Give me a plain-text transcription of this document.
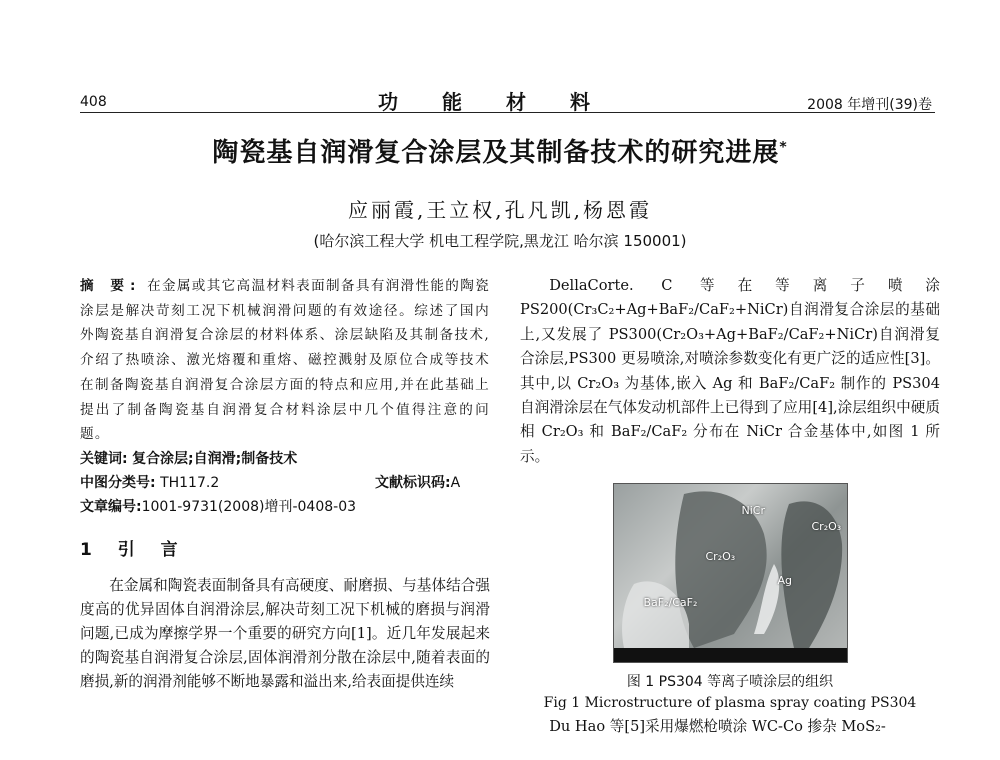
408	功能材料	2008 年增刊(39)卷
陶瓷基自润滑复合涂层及其制备技术的研究进展*
应丽霞,王立权,孔凡凯,杨恩霞
(哈尔滨工程大学 机电工程学院,黑龙江 哈尔滨 150001)

摘 要: 在金属或其它高温材料表面制备具有润滑性能的陶瓷涂层是解决苛刻工况下机械润滑问题的有效途径。综述了国内外陶瓷基自润滑复合涂层的材料体系、涂层缺陷及其制备技术,介绍了热喷涂、激光熔覆和重熔、磁控溅射及原位合成等技术在制备陶瓷基自润滑复合涂层方面的特点和应用,并在此基础上提出了制备陶瓷基自润滑复合材料涂层中几个值得注意的问题。

关键词: 复合涂层;自润滑;制备技术

中图分类号: TH117.2	文献标识码:A

文章编号:1001-9731(2008)增刊-0408-03

1 引 言

在金属和陶瓷表面制备具有高硬度、耐磨损、与基体结合强度高的优异固体自润滑涂层,解决苛刻工况下机械的磨损与润滑问题,已成为摩擦学界一个重要的研究方向[1]。近几年发展起来的陶瓷基自润滑复合涂层,固体润滑剂分散在涂层中,随着表面的磨损,新的润滑剂能够不断地暴露和溢出来,给表面提供连续

DellaCorte. C 等在等离子喷涂 PS200(Cr₃C₂+Ag+BaF₂/CaF₂+NiCr)自润滑复合涂层的基础上,又发展了 PS300(Cr₂O₃+Ag+BaF₂/CaF₂+NiCr)自润滑复合涂层,PS300 更易喷涂,对喷涂参数变化有更广泛的适应性[3]。其中,以 Cr₂O₃ 为基体,嵌入 Ag 和 BaF₂/CaF₂ 制作的 PS304 自润滑涂层在气体发动机部件上已得到了应用[4],涂层组织中硬质相 Cr₂O₃ 和 BaF₂/CaF₂ 分布在 NiCr 合金基体中,如图 1 所示。

NiCr
Cr₂O₃
Cr₂O₃
Ag
BaF₂/CaF₂
图 1 PS304 等离子喷涂层的组织
Fig 1 Microstructure of plasma spray coating PS304

Du Hao 等[5]采用爆燃枪喷涂 WC-Co 掺杂 MoS₂-
